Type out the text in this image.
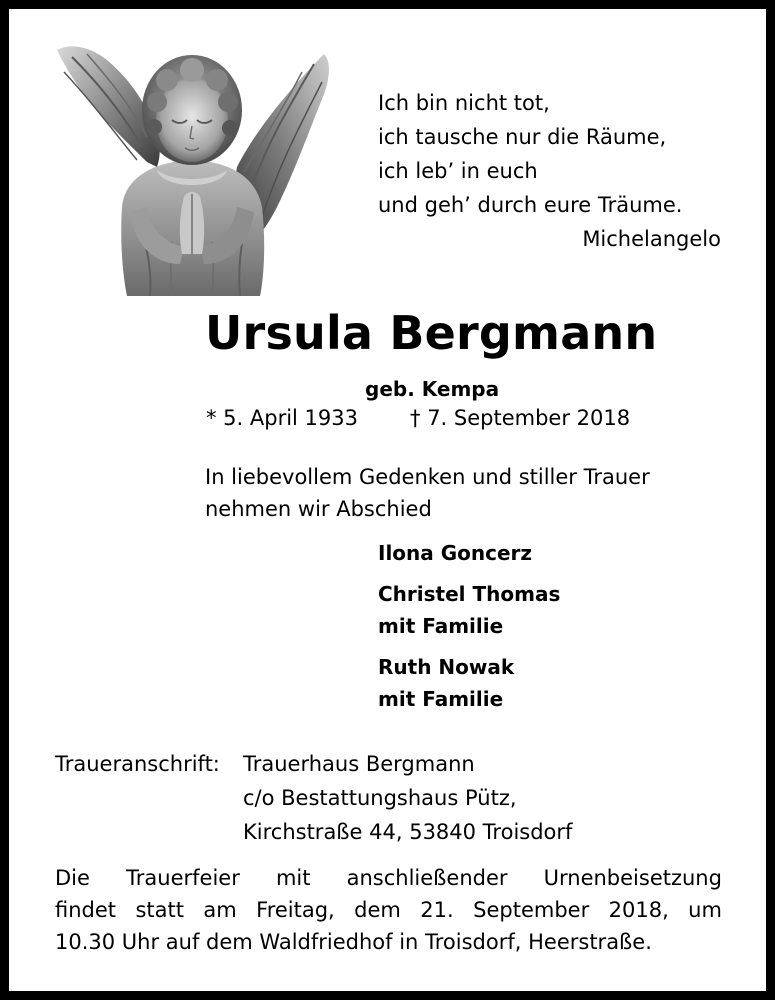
Ich bin nicht tot,
ich tausche nur die Räume,
ich leb’ in euch
und geh’ durch eure Träume.
Michelangelo
Ursula Bergmann
geb. Kempa
* 5. April 1933 † 7. September 2018
In liebevollem Gedenken und stiller Trauer
nehmen wir Abschied
Ilona Goncerz
Christel Thomas
mit Familie
Ruth Nowak
mit Familie
Traueranschrift:	Trauerhaus Bergmann
c/o Bestattungshaus Pütz,
Kirchstraße 44, 53840 Troisdorf
Die Trauerfeier mit anschließender Urnenbeisetzung
findet statt am Freitag, dem 21. September 2018, um
10.30 Uhr auf dem Waldfriedhof in Troisdorf, Heerstraße.
